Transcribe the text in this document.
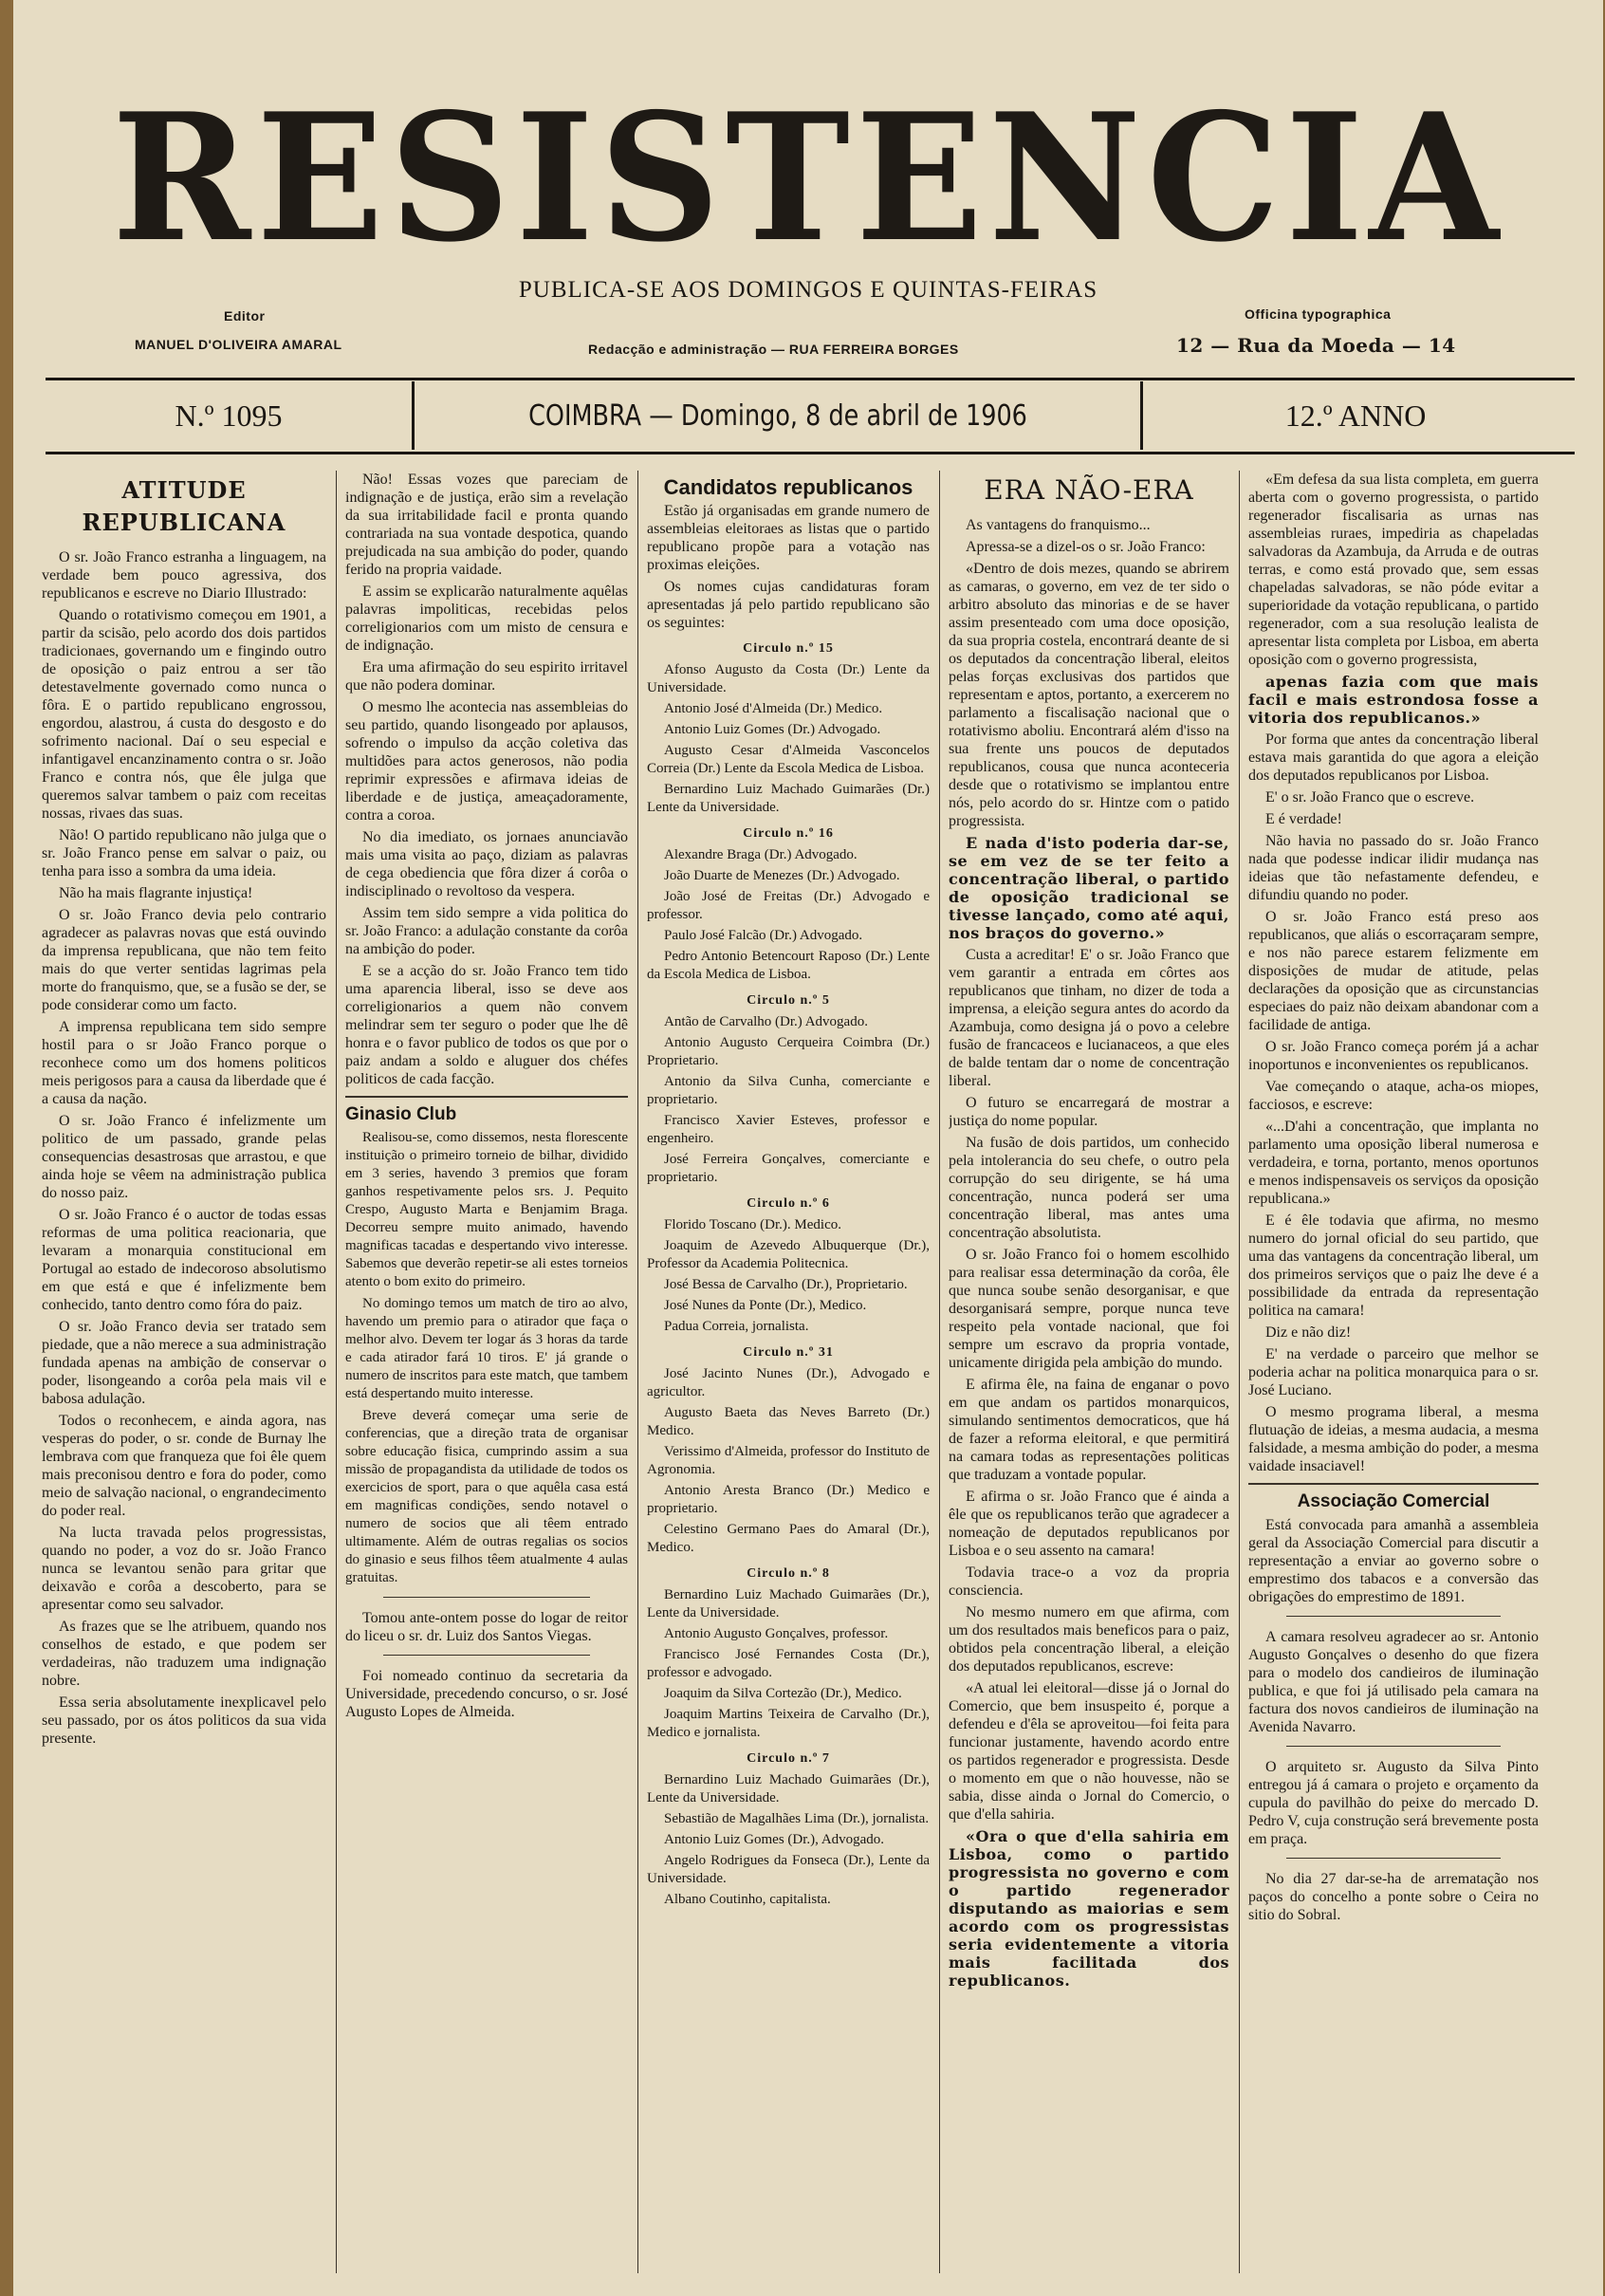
RESISTENCIA
PUBLICA-SE AOS DOMINGOS E QUINTAS-FEIRAS
Editor
MANUEL D'OLIVEIRA AMARAL	Redacção e administração — RUA FERREIRA BORGES
Officina typographica
12 — Rua da Moeda — 14
N.º 1095	COIMBRA — Domingo, 8 de abril de 1906	12.º ANNO
ATITUDE REPUBLICANA

O sr. João Franco estranha a linguagem, na verdade bem pouco agressiva, dos republicanos e escreve no Diario Illustrado:

Quando o rotativismo começou em 1901, a partir da scisão, pelo acordo dos dois partidos tradicionaes, governando um e fingindo outro de oposição o paiz entrou a ser tão detestavelmente governado como nunca o fôra. E o partido republicano engrossou, engordou, alastrou, á custa do desgosto e do sofrimento nacional. Daí o seu especial e infantigavel encanzinamento contra o sr. João Franco e contra nós, que êle julga que queremos salvar tambem o paiz com receitas nossas, rivaes das suas.

Não! O partido republicano não julga que o sr. João Franco pense em salvar o paiz, ou tenha para isso a sombra da uma ideia.

Não ha mais flagrante injustiça!

O sr. João Franco devia pelo contrario agradecer as palavras novas que está ouvindo da imprensa republicana, que não tem feito mais do que verter sentidas lagrimas pela morte do franquismo, que, se a fusão se der, se pode considerar como um facto.

A imprensa republicana tem sido sempre hostil para o sr João Franco porque o reconhece como um dos homens politicos meis perigosos para a causa da liberdade que é a causa da nação.

O sr. João Franco é infelizmente um politico de um passado, grande pelas consequencias desastrosas que arrastou, e que ainda hoje se vêem na administração publica do nosso paiz.

O sr. João Franco é o auctor de todas essas reformas de uma politica reacionaria, que levaram a monarquia constitucional em Portugal ao estado de indecoroso absolutismo em que está e que é infelizmente bem conhecido, tanto dentro como fóra do paiz.

O sr. João Franco devia ser tratado sem piedade, que a não merece a sua administração fundada apenas na ambição de conservar o poder, lisongeando a corôa pela mais vil e babosa adulação.

Todos o reconhecem, e ainda agora, nas vesperas do poder, o sr. conde de Burnay lhe lembrava com que franqueza que foi êle quem mais preconisou dentro e fora do poder, como meio de salvação nacional, o engrandecimento do poder real.

Na lucta travada pelos progressistas, quando no poder, a voz do sr. João Franco nunca se levantou senão para gritar que deixavão e corôa a descoberto, para se apresentar como seu salvador.

As frazes que se lhe atribuem, quando nos conselhos de estado, e que podem ser verdadeiras, não traduzem uma indignação nobre.

Essa seria absolutamente inexplicavel pelo seu passado, por os átos politicos da sua vida presente.

Não! Essas vozes que pareciam de indignação e de justiça, erão sim a revelação da sua irritabilidade facil e pronta quando contrariada na sua vontade despotica, quando prejudicada na sua ambição do poder, quando ferido na propria vaidade.

E assim se explicarão naturalmente aquêlas palavras impoliticas, recebidas pelos correligionarios com um misto de censura e de indignação.

Era uma afirmação do seu espirito irritavel que não podera dominar.

O mesmo lhe acontecia nas assembleias do seu partido, quando lisongeado por aplausos, sofrendo o impulso da acção coletiva das multidões para actos generosos, não podia reprimir expressões e afirmava ideias de liberdade e de justiça, ameaçadoramente, contra a coroa.

No dia imediato, os jornaes anunciavão mais uma visita ao paço, diziam as palavras de cega obediencia que fôra dizer á corôa o indisciplinado o revoltoso da vespera.

Assim tem sido sempre a vida politica do sr. João Franco: a adulação constante da corôa na ambição do poder.

E se a acção do sr. João Franco tem tido uma aparencia liberal, isso se deve aos correligionarios a quem não convem melindrar sem ter seguro o poder que lhe dê honra e o favor publico de todos os que por o paiz andam a soldo e aluguer dos chéfes politicos de cada facção.

Ginasio Club

Realisou-se, como dissemos, nesta florescente instituição o primeiro torneio de bilhar, dividido em 3 series, havendo 3 premios que foram ganhos respetivamente pelos srs. J. Pequito Crespo, Augusto Marta e Benjamim Braga. Decorreu sempre muito animado, havendo magnificas tacadas e despertando vivo interesse. Sabemos que deverão repetir-se ali estes torneios atento o bom exito do primeiro.

No domingo temos um match de tiro ao alvo, havendo um premio para o atirador que faça o melhor alvo. Devem ter logar ás 3 horas da tarde e cada atirador fará 10 tiros. E' já grande o numero de inscritos para este match, que tambem está despertando muito interesse.

Breve deverá começar uma serie de conferencias, que a direção trata de organisar sobre educação fisica, cumprindo assim a sua missão de propagandista da utilidade de todos os exercicios de sport, para o que aquêla casa está em magnificas condições, sendo notavel o numero de socios que ali têem entrado ultimamente. Além de outras regalias os socios do ginasio e seus filhos têem atualmente 4 aulas gratuitas.

Tomou ante-ontem posse do logar de reitor do liceu o sr. dr. Luiz dos Santos Viegas.

Foi nomeado continuo da secretaria da Universidade, precedendo concurso, o sr. José Augusto Lopes de Almeida.

Candidatos republicanos

Estão já organisadas em grande numero de assembleias eleitoraes as listas que o partido republicano propõe para a votação nas proximas eleições.

Os nomes cujas candidaturas foram apresentadas já pelo partido republicano são os seguintes:

Circulo n.º 15

Afonso Augusto da Costa (Dr.) Lente da Universidade.

Antonio José d'Almeida (Dr.) Medico.

Antonio Luiz Gomes (Dr.) Advogado.

Augusto Cesar d'Almeida Vasconcelos Correia (Dr.) Lente da Escola Medica de Lisboa.

Bernardino Luiz Machado Guimarães (Dr.) Lente da Universidade.

Circulo n.º 16

Alexandre Braga (Dr.) Advogado.

João Duarte de Menezes (Dr.) Advogado.

João José de Freitas (Dr.) Advogado e professor.

Paulo José Falcão (Dr.) Advogado.

Pedro Antonio Betencourt Raposo (Dr.) Lente da Escola Medica de Lisboa.

Circulo n.º 5

Antão de Carvalho (Dr.) Advogado.

Antonio Augusto Cerqueira Coimbra (Dr.) Proprietario.

Antonio da Silva Cunha, comerciante e proprietario.

Francisco Xavier Esteves, professor e engenheiro.

José Ferreira Gonçalves, comerciante e proprietario.

Circulo n.º 6

Florido Toscano (Dr.). Medico.

Joaquim de Azevedo Albuquerque (Dr.), Professor da Academia Politecnica.

José Bessa de Carvalho (Dr.), Proprietario.

José Nunes da Ponte (Dr.), Medico.

Padua Correia, jornalista.

Circulo n.º 31

José Jacinto Nunes (Dr.), Advogado e agricultor.

Augusto Baeta das Neves Barreto (Dr.) Medico.

Verissimo d'Almeida, professor do Instituto de Agronomia.

Antonio Aresta Branco (Dr.) Medico e proprietario.

Celestino Germano Paes do Amaral (Dr.), Medico.

Circulo n.º 8

Bernardino Luiz Machado Guimarães (Dr.), Lente da Universidade.

Antonio Augusto Gonçalves, professor.

Francisco José Fernandes Costa (Dr.), professor e advogado.

Joaquim da Silva Cortezão (Dr.), Medico.

Joaquim Martins Teixeira de Carvalho (Dr.), Medico e jornalista.

Circulo n.º 7

Bernardino Luiz Machado Guimarães (Dr.), Lente da Universidade.

Sebastião de Magalhães Lima (Dr.), jornalista.

Antonio Luiz Gomes (Dr.), Advogado.

Angelo Rodrigues da Fonseca (Dr.), Lente da Universidade.

Albano Coutinho, capitalista.

ERA NÃO-ERA

As vantagens do franquismo...

Apressa-se a dizel-os o sr. João Franco:

«Dentro de dois mezes, quando se abrirem as camaras, o governo, em vez de ter sido o arbitro absoluto das minorias e de se haver assim presenteado com uma doce oposição, da sua propria costela, encontrará deante de si os deputados da concentração liberal, eleitos pelas forças exclusivas dos partidos que representam e aptos, portanto, a exercerem no parlamento a fiscalisação nacional que o rotativismo aboliu. Encontrará além d'isso na sua frente uns poucos de deputados republicanos, cousa que nunca aconteceria desde que o rotativismo se implantou entre nós, pelo acordo do sr. Hintze com o patido progressista.

E nada d'isto poderia dar-se, se em vez de se ter feito a concentração liberal, o partido de oposição tradicional se tivesse lançado, como até aqui, nos braços do governo.»

Custa a acreditar! E' o sr. João Franco que vem garantir a entrada em côrtes aos republicanos que tinham, no dizer de toda a imprensa, a eleição segura antes do acordo da Azambuja, como designa já o povo a celebre fusão de francaceos e lucianaceos, a que eles de balde tentam dar o nome de concentração liberal.

O futuro se encarregará de mostrar a justiça do nome popular.

Na fusão de dois partidos, um conhecido pela intolerancia do seu chefe, o outro pela corrupção do seu dirigente, se há uma concentração, nunca poderá ser uma concentração liberal, mas antes uma concentração absolutista.

O sr. João Franco foi o homem escolhido para realisar essa determinação da corôa, êle que nunca soube senão desorganisar, e que desorganisará sempre, porque nunca teve respeito pela vontade nacional, que foi sempre um escravo da propria vontade, unicamente dirigida pela ambição do mundo.

E afirma êle, na faina de enganar o povo em que andam os partidos monarquicos, simulando sentimentos democraticos, que há de fazer a reforma eleitoral, e que permitirá na camara todas as representações politicas que traduzam a vontade popular.

E afirma o sr. João Franco que é ainda a êle que os republicanos terão que agradecer a nomeação de deputados republicanos por Lisboa e o seu assento na camara!

Todavia trace-o a voz da propria consciencia.

No mesmo numero em que afirma, com um dos resultados mais beneficos para o paiz, obtidos pela concentração liberal, a eleição dos deputados republicanos, escreve:

«A atual lei eleitoral—disse já o Jornal do Comercio, que bem insuspeito é, porque a defendeu e d'êla se aproveitou—foi feita para funcionar justamente, havendo acordo entre os partidos regenerador e progressista. Desde o momento em que o não houvesse, não se sabia, disse ainda o Jornal do Comercio, o que d'ella sahiria.

«Ora o que d'ella sahiria em Lisboa, como o partido progressista no governo e com o partido regenerador disputando as maiorias e sem acordo com os progressistas seria evidentemente a vitoria mais facilitada dos republicanos.

«Em defesa da sua lista completa, em guerra aberta com o governo progressista, o partido regenerador fiscalisaria as urnas nas assembleias ruraes, impediria as chapeladas salvadoras da Azambuja, da Arruda e de outras terras, e como está provado que, sem essas chapeladas salvadoras, se não póde evitar a superioridade da votação republicana, o partido regenerador, com a sua resolução lealista de apresentar lista completa por Lisboa, em aberta oposição com o governo progressista,

apenas fazia com que mais facil e mais estrondosa fosse a vitoria dos republicanos.»

Por forma que antes da concentração liberal estava mais garantida do que agora a eleição dos deputados republicanos por Lisboa.

E' o sr. João Franco que o escreve.

E é verdade!

Não havia no passado do sr. João Franco nada que podesse indicar ilidir mudança nas ideias que tão nefastamente defendeu, e difundiu quando no poder.

O sr. João Franco está preso aos republicanos, que aliás o escorraçaram sempre, e nos não parece estarem felizmente em disposições de mudar de atitude, pelas declarações da oposição que as circunstancias especiaes do paiz não deixam abandonar com a facilidade de antiga.

O sr. João Franco começa porém já a achar inoportunos e inconvenientes os republicanos.

Vae começando o ataque, acha-os miopes, facciosos, e escreve:

«...D'ahi a concentração, que implanta no parlamento uma oposição liberal numerosa e verdadeira, e torna, portanto, menos oportunos e menos indispensaveis os serviços da oposição republicana.»

E é êle todavia que afirma, no mesmo numero do jornal oficial do seu partido, que uma das vantagens da concentração liberal, um dos primeiros serviços que o paiz lhe deve é a possibilidade da entrada da representação politica na camara!

Diz e não diz!

E' na verdade o parceiro que melhor se poderia achar na politica monarquica para o sr. José Luciano.

O mesmo programa liberal, a mesma flutuação de ideias, a mesma audacia, a mesma falsidade, a mesma ambição do poder, a mesma vaidade insaciavel!

Associação Comercial

Está convocada para amanhã a assembleia geral da Associação Comercial para discutir a representação a enviar ao governo sobre o emprestimo dos tabacos e a conversão das obrigações do emprestimo de 1891.

A camara resolveu agradecer ao sr. Antonio Augusto Gonçalves o desenho do que fizera para o modelo dos candieiros de iluminação publica, e que foi já utilisado pela camara na factura dos novos candieiros de iluminação na Avenida Navarro.

O arquiteto sr. Augusto da Silva Pinto entregou já á camara o projeto e orçamento da cupula do pavilhão do peixe do mercado D. Pedro V, cuja construção será brevemente posta em praça.

No dia 27 dar-se-ha de arrematação nos paços do concelho a ponte sobre o Ceira no sitio do Sobral.
